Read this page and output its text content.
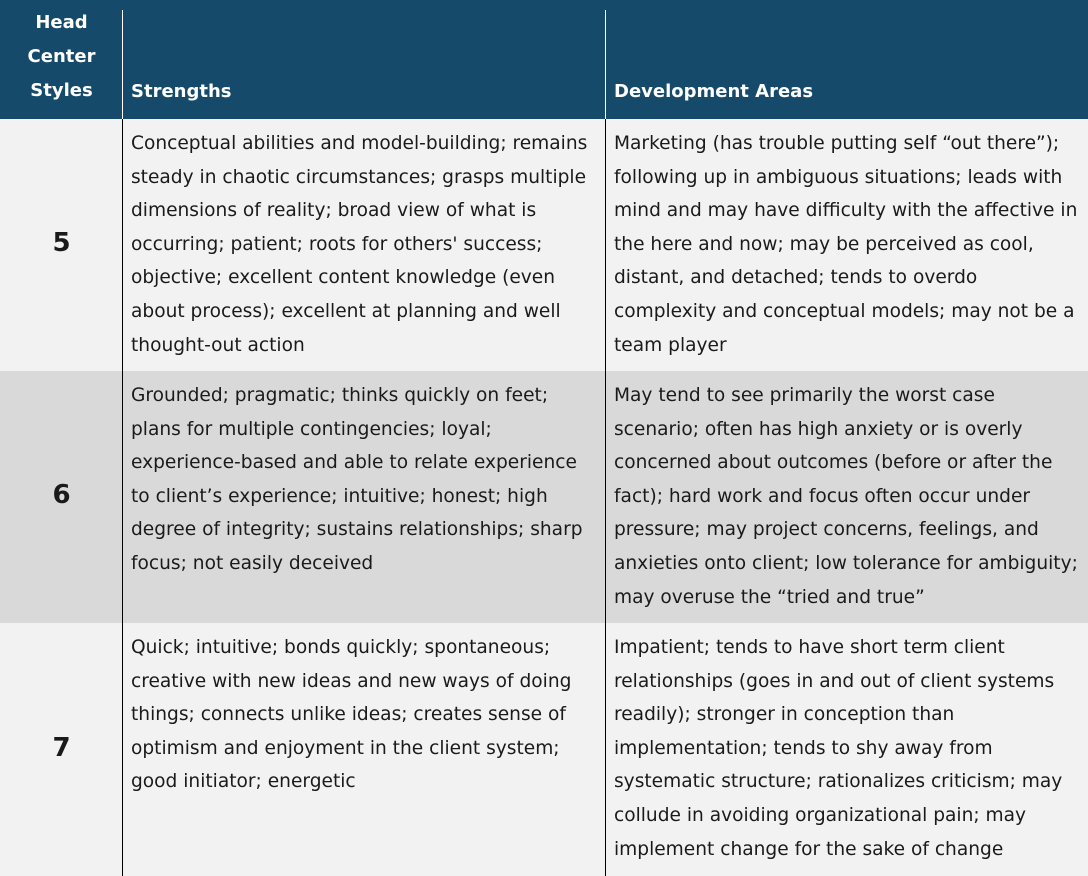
Head
Center
Styles	Strengths	Development Areas
5
Conceptual abilities and model-building; remains steady in chaotic circumstances; grasps multiple dimensions of reality; broad view of what is occurring; patient; roots for others' success; objective; excellent content knowledge (even about process); excellent at planning and well thought-out action
Marketing (has trouble putting self “out there”); following up in ambiguous situations; leads with mind and may have difficulty with the affective in the here and now; may be perceived as cool, distant, and detached; tends to overdo complexity and conceptual models; may not be a team player
6
Grounded; pragmatic; thinks quickly on feet; plans for multiple contingencies; loyal; experience-based and able to relate experience to client’s experience; intuitive; honest; high degree of integrity; sustains relationships; sharp focus; not easily deceived
May tend to see primarily the worst case scenario; often has high anxiety or is overly concerned about outcomes (before or after the fact); hard work and focus often occur under pressure; may project concerns, feelings, and anxieties onto client; low tolerance for ambiguity; may overuse the “tried and true”
7
Quick; intuitive; bonds quickly; spontaneous; creative with new ideas and new ways of doing things; connects unlike ideas; creates sense of optimism and enjoyment in the client system; good initiator; energetic
Impatient; tends to have short term client relationships (goes in and out of client systems readily); stronger in conception than implementation; tends to shy away from systematic structure; rationalizes criticism; may collude in avoiding organizational pain; may implement change for the sake of change
